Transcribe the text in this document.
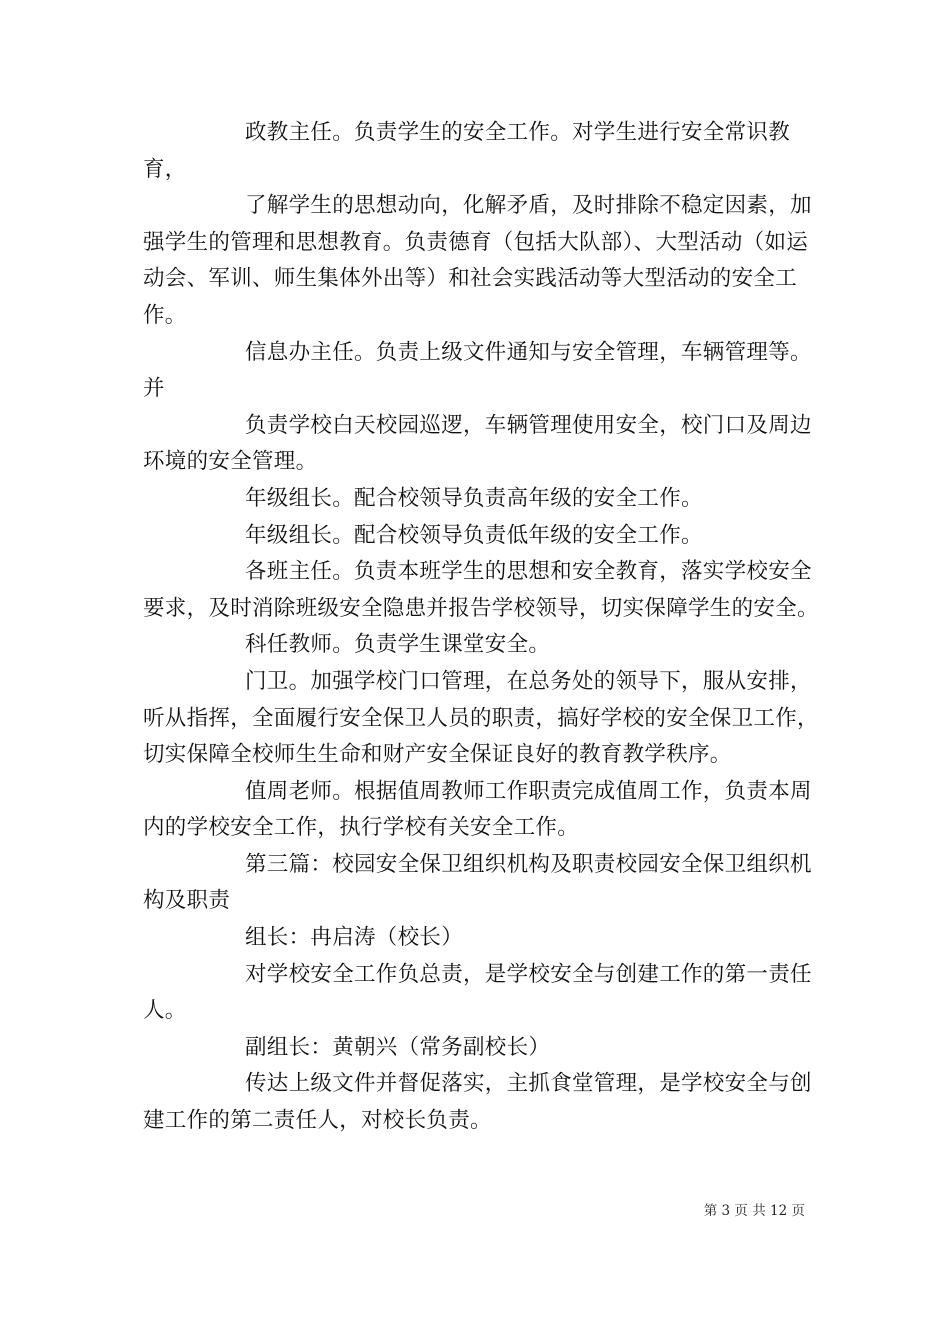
政教主任。负责学生的安全工作。对学生进行安全常识教育，

了解学生的思想动向，化解矛盾，及时排除不稳定因素，加强学生的管理和思想教育。负责德育（包括大队部）、大型活动（如运动会、军训、师生集体外出等）和社会实践活动等大型活动的安全工作。

信息办主任。负责上级文件通知与安全管理，车辆管理等。并

负责学校白天校园巡逻，车辆管理使用安全，校门口及周边环境的安全管理。

年级组长。配合校领导负责高年级的安全工作。

年级组长。配合校领导负责低年级的安全工作。

各班主任。负责本班学生的思想和安全教育，落实学校安全要求，及时消除班级安全隐患并报告学校领导，切实保障学生的安全。

科任教师。负责学生课堂安全。

门卫。加强学校门口管理，在总务处的领导下，服从安排，听从指挥，全面履行安全保卫人员的职责，搞好学校的安全保卫工作，切实保障全校师生生命和财产安全保证良好的教育教学秩序。

值周老师。根据值周教师工作职责完成值周工作，负责本周内的学校安全工作，执行学校有关安全工作。

第三篇：校园安全保卫组织机构及职责校园安全保卫组织机构及职责

组长：冉启涛（校长）

对学校安全工作负总责，是学校安全与创建工作的第一责任人。

副组长：黄朝兴（常务副校长）

传达上级文件并督促落实，主抓食堂管理，是学校安全与创建工作的第二责任人，对校长负责。

第 3 页 共 12 页
